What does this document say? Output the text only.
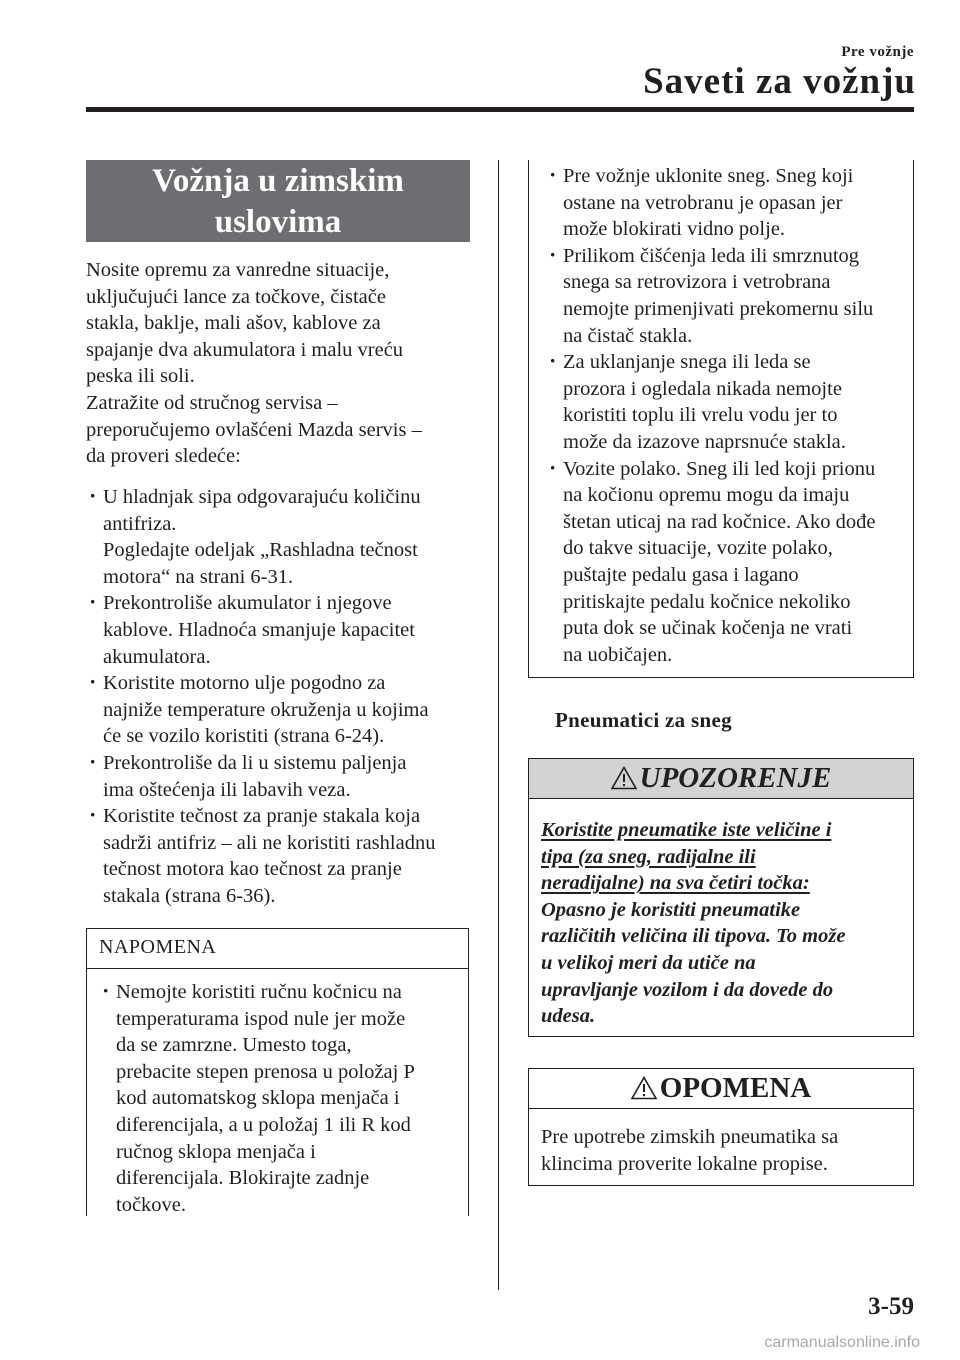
Pre vožnje
Saveti za vožnju
Vožnja u zimskim
uslovima

Nosite opremu za vanredne situacije,
uključujući lance za točkove, čistače
stakla, baklje, mali ašov, kablove za
spajanje dva akumulatora i malu vreću
peska ili soli.

Zatražite od stručnog servisa –
preporučujemo ovlašćeni Mazda servis –
da proveri sledeće:

· U hladnjak sipa odgovarajuću količinu
antifriza.
Pogledajte odeljak „Rashladna tečnost
motora“ na strani 6-31.
· Prekontroliše akumulator i njegove
kablove. Hladnoća smanjuje kapacitet
akumulatora.
· Koristite motorno ulje pogodno za
najniže temperature okruženja u kojima
će se vozilo koristiti (strana 6-24).
· Prekontroliše da li u sistemu paljenja
ima oštećenja ili labavih veza.
· Koristite tečnost za pranje stakala koja
sadrži antifriz – ali ne koristiti rashladnu
tečnost motora kao tečnost za pranje
stakala (strana 6-36).
NAPOMENA
· Nemojte koristiti ručnu kočnicu na
temperaturama ispod nule jer može
da se zamrzne. Umesto toga,
prebacite stepen prenosa u položaj P
kod automatskog sklopa menjača i
diferencijala, a u položaj 1 ili R kod
ručnog sklopa menjača i
diferencijala. Blokirajte zadnje
točkove.
· Pre vožnje uklonite sneg. Sneg koji
ostane na vetrobranu je opasan jer
može blokirati vidno polje.
· Prilikom čišćenja leda ili smrznutog
snega sa retrovizora i vetrobrana
nemojte primenjivati prekomernu silu
na čistač stakla.
· Za uklanjanje snega ili leda se
prozora i ogledala nikada nemojte
koristiti toplu ili vrelu vodu jer to
može da izazove naprsnuće stakla.
· Vozite polako. Sneg ili led koji prionu
na kočionu opremu mogu da imaju
štetan uticaj na rad kočnice. Ako dođe
do takve situacije, vozite polako,
puštajte pedalu gasa i lagano
pritiskajte pedalu kočnice nekoliko
puta dok se učinak kočenja ne vrati
na uobičajen.
Pneumatici za sneg
UPOZORENJE
Koristite pneumatike iste veličine i
tipa (za sneg, radijalne ili
neradijalne) na sva četiri točka:
Opasno je koristiti pneumatike
različitih veličina ili tipova. To može
u velikoj meri da utiče na
upravljanje vozilom i da dovede do
udesa.
OPOMENA
Pre upotrebe zimskih pneumatika sa
klincima proverite lokalne propise.
3-59
carmanualsonline.info
